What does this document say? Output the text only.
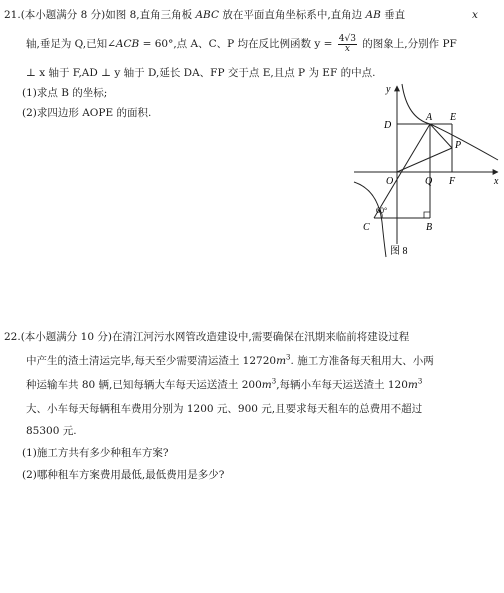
21.(本小题满分 8 分)如图 8,直角三角板 ABC 放在平面直角坐标系中,直角边 AB 垂直	x
轴,垂足为 Q,已知∠ACB = 60°,点 A、C、P 均在反比例函数 $y = \frac{4√3}{x}$ 的图象上,分别作 PF
⊥ x 轴于 F,AD ⊥ y 轴于 D,延长 DA、FP 交于点 E,且点 P 为 EF 的中点.
(1)求点 B 的坐标;
(2)求四边形 AOPE 的面积.
y
x
D
A E
P
O	Q F
C	B
60°
图 8
22.(本小题满分 10 分)在清江河污水网管改造建设中,需要确保在汛期来临前将建设过程
中产生的渣土清运完毕,每天至少需要清运渣土 $12720m^3$. 施工方准备每天租用大、小两
种运输车共 80 辆,已知每辆大车每天运送渣土 $200m^3$,每辆小车每天运送渣土 $120m^3$
大、小车每天每辆租车费用分别为 1200 元、900 元,且要求每天租车的总费用不超过
85300 元.
(1)施工方共有多少种租车方案?
(2)哪种租车方案费用最低,最低费用是多少?
